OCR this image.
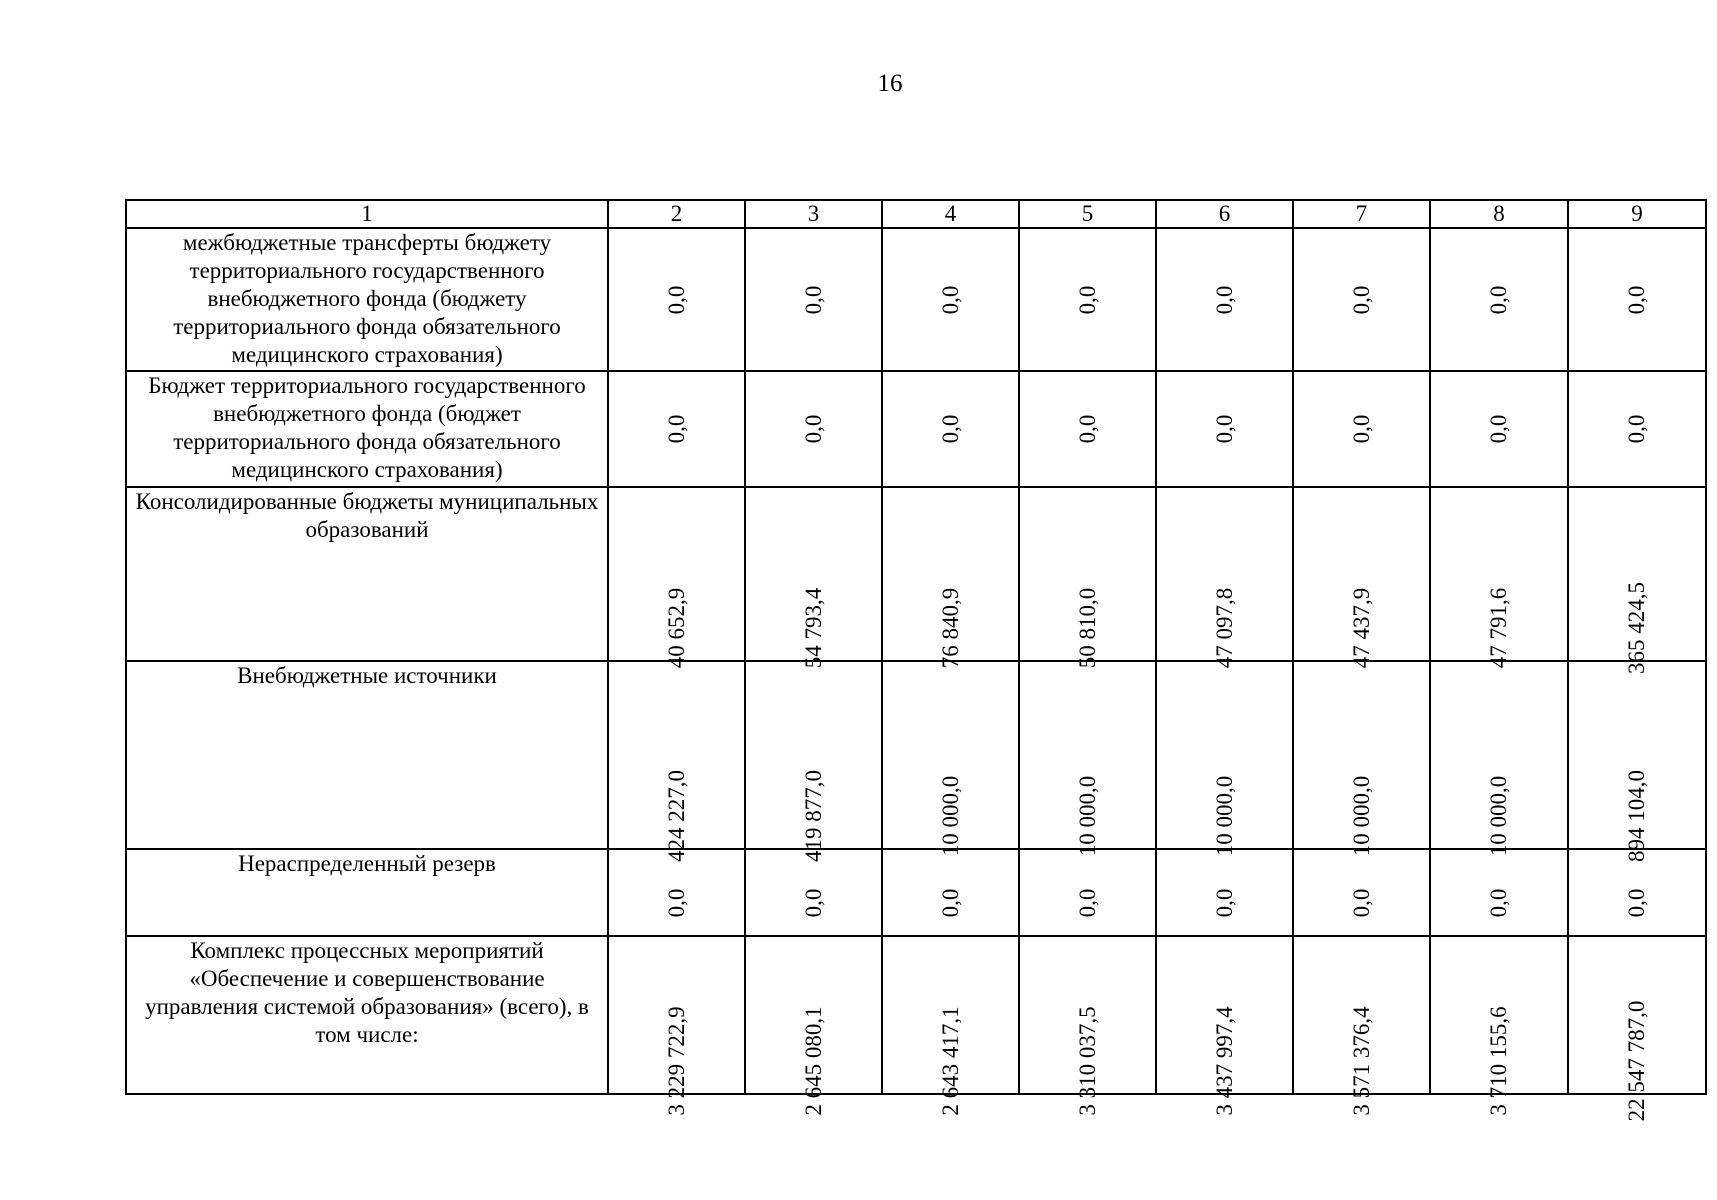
16
1	2	3	4	5	6	7	8	9
межбюджетные трансферты бюджету территориального государственного внебюджетного фонда (бюджету территориального фонда обязательного медицинского страхования)	0,0	0,0	0,0	0,0	0,0	0,0	0,0	0,0

Бюджет территориального государственного внебюджетного фонда (бюджет территориального фонда обязательного медицинского страхования)	0,0	0,0	0,0	0,0	0,0	0,0	0,0	0,0

Консолидированные бюджеты муниципальных образований	40 652,9	54 793,4	76 840,9	50 810,0	47 097,8	47 437,9	47 791,6	365 424,5

Внебюджетные источники	424 227,0	419 877,0	10 000,0	10 000,0	10 000,0	10 000,0	10 000,0	894 104,0

Нераспределенный резерв	0,0	0,0	0,0	0,0	0,0	0,0	0,0	0,0

Комплекс процессных мероприятий «Обеспечение и совершенствование управления системой образования» (всего), в том числе:	3 229 722,9	2 645 080,1	2 643 417,1	3 310 037,5	3 437 997,4	3 571 376,4	3 710 155,6	22 547 787,0
